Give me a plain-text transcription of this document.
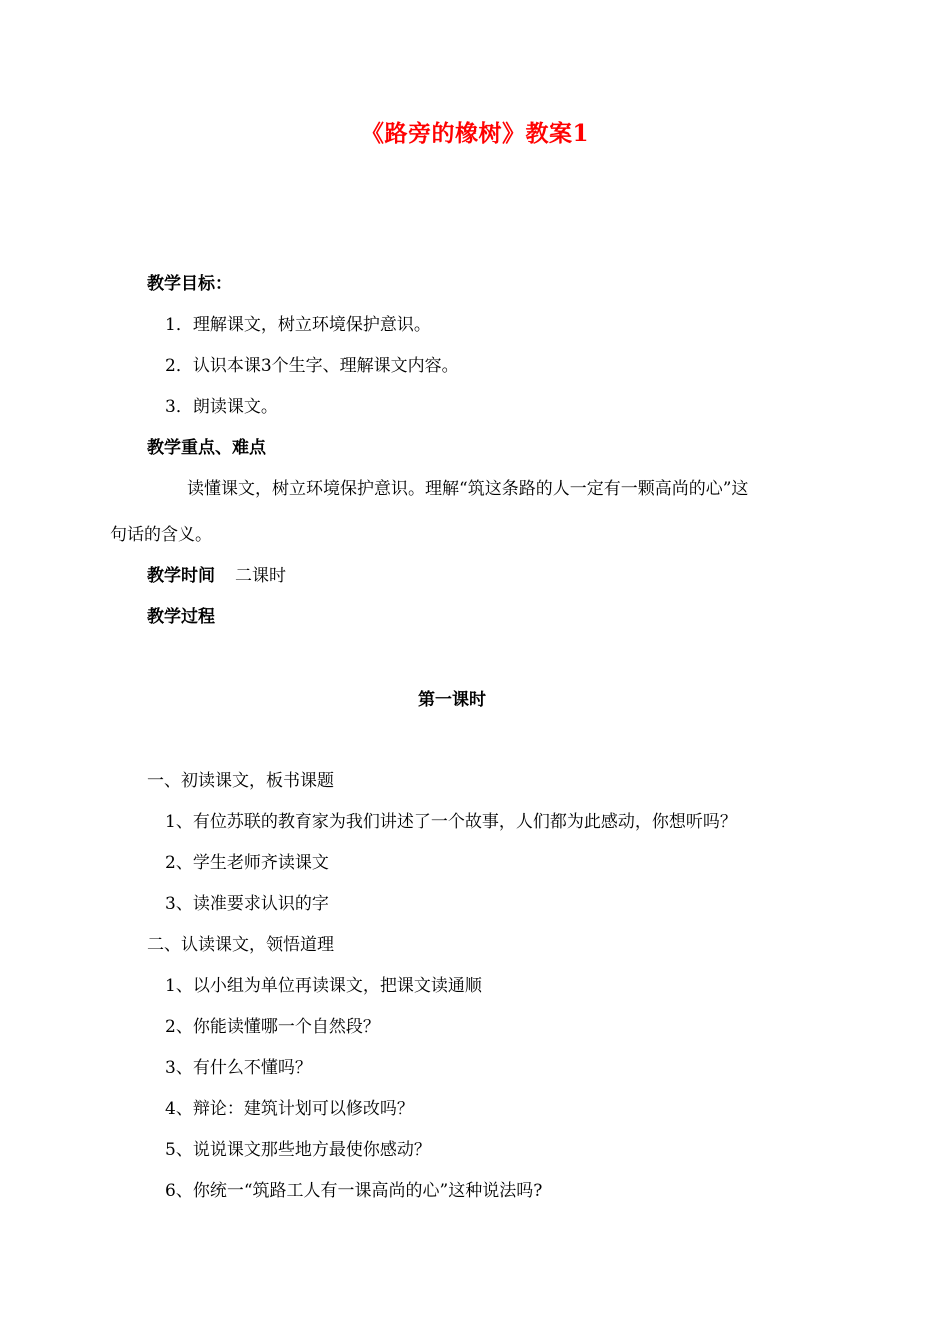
《路旁的橡树》教案1
教学目标：
1．理解课文，树立环境保护意识。
2．认识本课3个生字、理解课文内容。
3．朗读课文。
教学重点、难点
读懂课文，树立环境保护意识。理解“筑这条路的人一定有一颗高尚的心”这
句话的含义。
教学时间 二课时
教学过程
第一课时
一、初读课文，板书课题
1、有位苏联的教育家为我们讲述了一个故事，人们都为此感动，你想听吗？
2、学生老师齐读课文
3、读准要求认识的字
二、认读课文，领悟道理
1、以小组为单位再读课文，把课文读通顺
2、你能读懂哪一个自然段？
3、有什么不懂吗？
4、辩论：建筑计划可以修改吗？
5、说说课文那些地方最使你感动？
6、你统一“筑路工人有一课高尚的心”这种说法吗?
